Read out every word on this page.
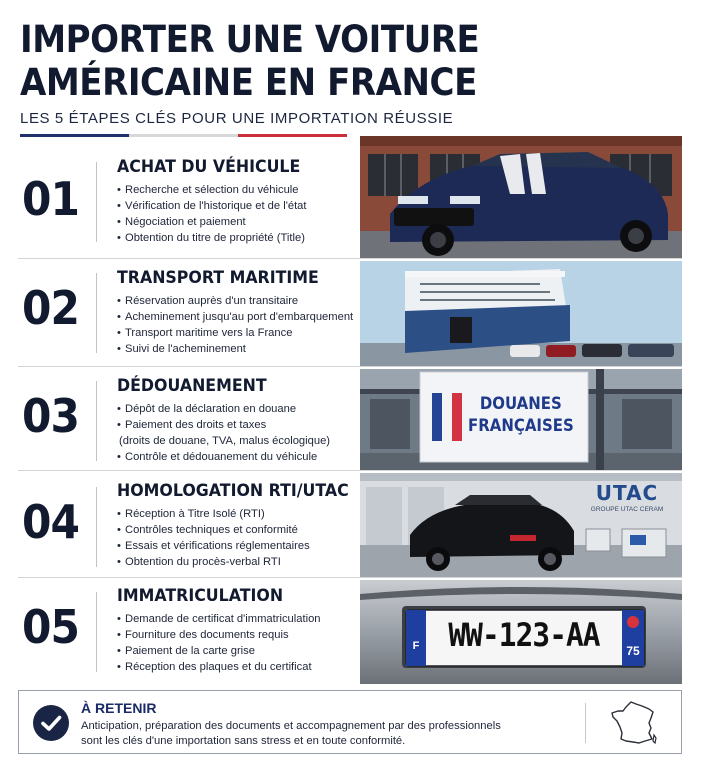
IMPORTER UNE VOITURE
AMÉRICAINE EN FRANCE
LES 5 ÉTAPES CLÉS POUR UNE IMPORTATION RÉUSSIE
01
ACHAT DU VÉHICULE
• Recherche et sélection du véhicule
• Vérification de l'historique et de l'état
• Négociation et paiement
• Obtention du titre de propriété (Title)
02
TRANSPORT MARITIME
• Réservation auprès d'un transitaire
• Acheminement jusqu'au port d'embarquement
• Transport maritime vers la France
• Suivi de l'acheminement
03
DÉDOUANEMENT
• Dépôt de la déclaration en douane
• Paiement des droits et taxes
(droits de douane, TVA, malus écologique)
• Contrôle et dédouanement du véhicule
DOUANES
FRANÇAISES
04
HOMOLOGATION RTI/UTAC
• Réception à Titre Isolé (RTI)
• Contrôles techniques et conformité
• Essais et vérifications réglementaires
• Obtention du procès-verbal RTI
UTAC
GROUPE UTAC CERAM
05
IMMATRICULATION
• Demande de certificat d'immatriculation
• Fourniture des documents requis
• Paiement de la carte grise
• Réception des plaques et du certificat
F WW-123-AA	75
À RETENIR
Anticipation, préparation des documents et accompagnement par des professionnels
sont les clés d'une importation sans stress et en toute conformité.
